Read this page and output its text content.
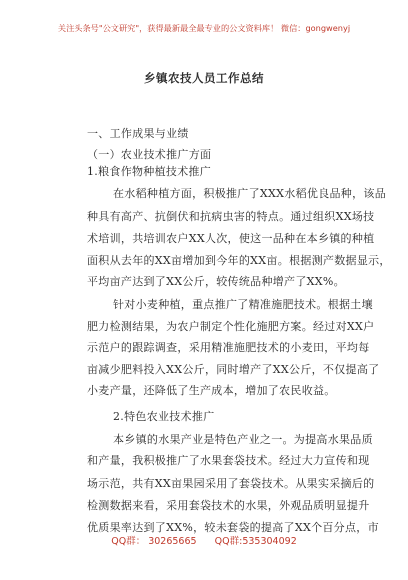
关注头条号"公文研究"，获得最新最全最专业的公文资料库！ 微信：gongwenyj
乡镇农技人员工作总结
一、工作成果与业绩
（一）农业技术推广方面
1.粮食作物种植技术推广
在水稻种植方面，积极推广了XXX水稻优良品种，该品
种具有高产、抗倒伏和抗病虫害的特点。通过组织XX场技
术培训，共培训农户XX人次，使这一品种在本乡镇的种植
面积从去年的XX亩增加到今年的XX亩。根据测产数据显示，
平均亩产达到了XX公斤，较传统品种增产了XX%。
针对小麦种植，重点推广了精准施肥技术。根据土壤
肥力检测结果，为农户制定个性化施肥方案。经过对XX户
示范户的跟踪调查，采用精准施肥技术的小麦田，平均每
亩减少肥料投入XX公斤，同时增产了XX公斤，不仅提高了
小麦产量，还降低了生产成本，增加了农民收益。
2.特色农业技术推广
本乡镇的水果产业是特色产业之一。为提高水果品质
和产量，我积极推广了水果套袋技术。经过大力宣传和现
场示范，共有XX亩果园采用了套袋技术。从果实采摘后的
检测数据来看，采用套袋技术的水果，外观品质明显提升
优质果率达到了XX%，较未套袋的提高了XX个百分点，市
QQ群： 30265665      QQ群:535304092
